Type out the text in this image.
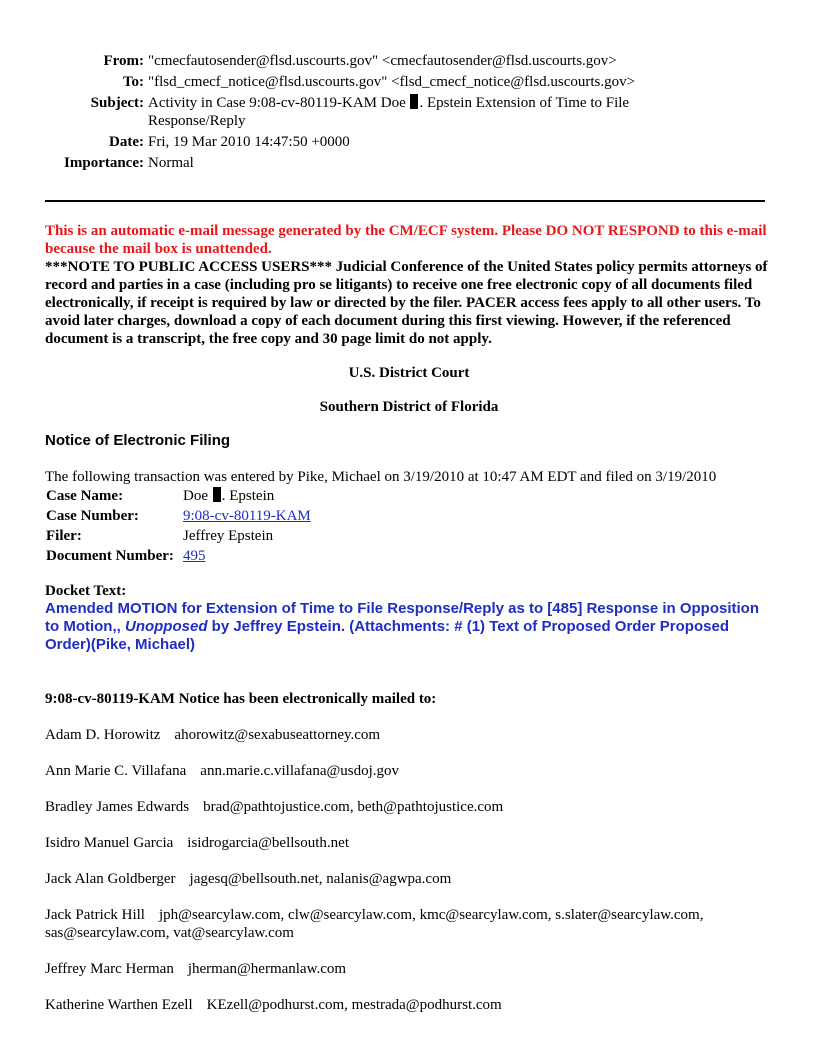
From: "cmecfautosender@flsd.uscourts.gov" <cmecfautosender@flsd.uscourts.gov>
To: "flsd_cmecf_notice@flsd.uscourts.gov" <flsd_cmecf_notice@flsd.uscourts.gov>
Subject: Activity in Case 9:08-cv-80119-KAM Doe . Epstein Extension of Time to File Response/Reply
Date: Fri, 19 Mar 2010 14:47:50 +0000
Importance: Normal
This is an automatic e-mail message generated by the CM/ECF system. Please DO NOT RESPOND to this e-mail because the mail box is unattended.
***NOTE TO PUBLIC ACCESS USERS*** Judicial Conference of the United States policy permits attorneys of record and parties in a case (including pro se litigants) to receive one free electronic copy of all documents filed electronically, if receipt is required by law or directed by the filer. PACER access fees apply to all other users. To avoid later charges, download a copy of each document during this first viewing. However, if the referenced document is a transcript, the free copy and 30 page limit do not apply.
U.S. District Court
Southern District of Florida
Notice of Electronic Filing
The following transaction was entered by Pike, Michael on 3/19/2010 at 10:47 AM EDT and filed on 3/19/2010
Case Name:	Doe . Epstein
Case Number:	9:08-cv-80119-KAM
Filer:	Jeffrey Epstein
Document Number:	495
Docket Text:
Amended MOTION for Extension of Time to File Response/Reply as to [485] Response in Opposition to Motion,, Unopposed by Jeffrey Epstein. (Attachments: # (1) Text of Proposed Order Proposed Order)(Pike, Michael)
9:08-cv-80119-KAM Notice has been electronically mailed to:
Adam D. Horowitz ahorowitz@sexabuseattorney.com
Ann Marie C. Villafana ann.marie.c.villafana@usdoj.gov
Bradley James Edwards brad@pathtojustice.com, beth@pathtojustice.com
Isidro Manuel Garcia isidrogarcia@bellsouth.net
Jack Alan Goldberger jagesq@bellsouth.net, nalanis@agwpa.com
Jack Patrick Hill jph@searcylaw.com, clw@searcylaw.com, kmc@searcylaw.com, s.slater@searcylaw.com, sas@searcylaw.com, vat@searcylaw.com
Jeffrey Marc Herman jherman@hermanlaw.com
Katherine Warthen Ezell KEzell@podhurst.com, mestrada@podhurst.com
